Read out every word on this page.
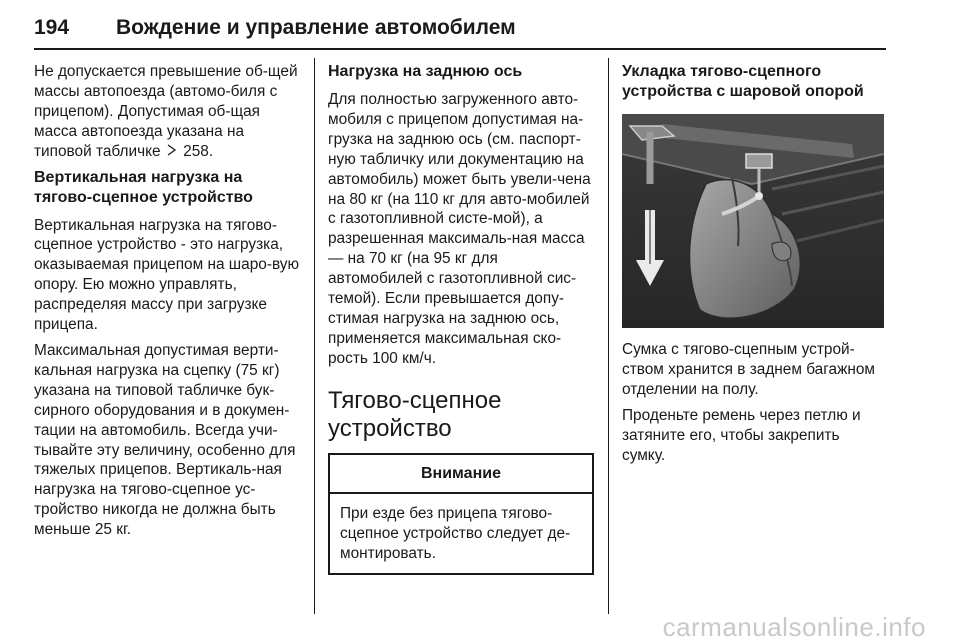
194 Вождение и управление автомобилем
Не допускается превышение об-щей массы автопоезда (автомо-биля с прицепом). Допустимая об-щая масса автопоезда указана на типовой табличке 258.
Вертикальная нагрузка на тягово-сцепное устройство
Вертикальная нагрузка на тягово-сцепное устройство - это нагрузка, оказываемая прицепом на шаро-вую опору. Ею можно управлять, распределяя массу при загрузке прицепа.
Максимальная допустимая верти-кальная нагрузка на сцепку (75 кг) указана на типовой табличке бук-сирного оборудования и в докумен-тации на автомобиль. Всегда учи-тывайте эту величину, особенно для тяжелых прицепов. Вертикаль-ная нагрузка на тягово-сцепное ус-тройство никогда не должна быть меньше 25 кг.
Нагрузка на заднюю ось
Для полностью загруженного авто-мобиля с прицепом допустимая на-грузка на заднюю ось (см. паспорт-ную табличку или документацию на автомобиль) может быть увели-чена на 80 кг (на 110 кг для авто-мобилей с газотопливной систе-мой), а разрешенная максималь-ная масса — на 70 кг (на 95 кг для автомобилей с газотопливной сис-темой). Если превышается допу-стимая нагрузка на заднюю ось, применяется максимальная ско-рость 100 км/ч.
Тягово-сцепное устройство
Внимание
При езде без прицепа тягово-сцепное устройство следует де-монтировать.
Укладка тягово-сцепного устройства с шаровой опорой
Сумка с тягово-сцепным устрой-ством хранится в заднем багажном отделении на полу.
Проденьте ремень через петлю и затяните его, чтобы закрепить сумку.
carmanualsonline.info
